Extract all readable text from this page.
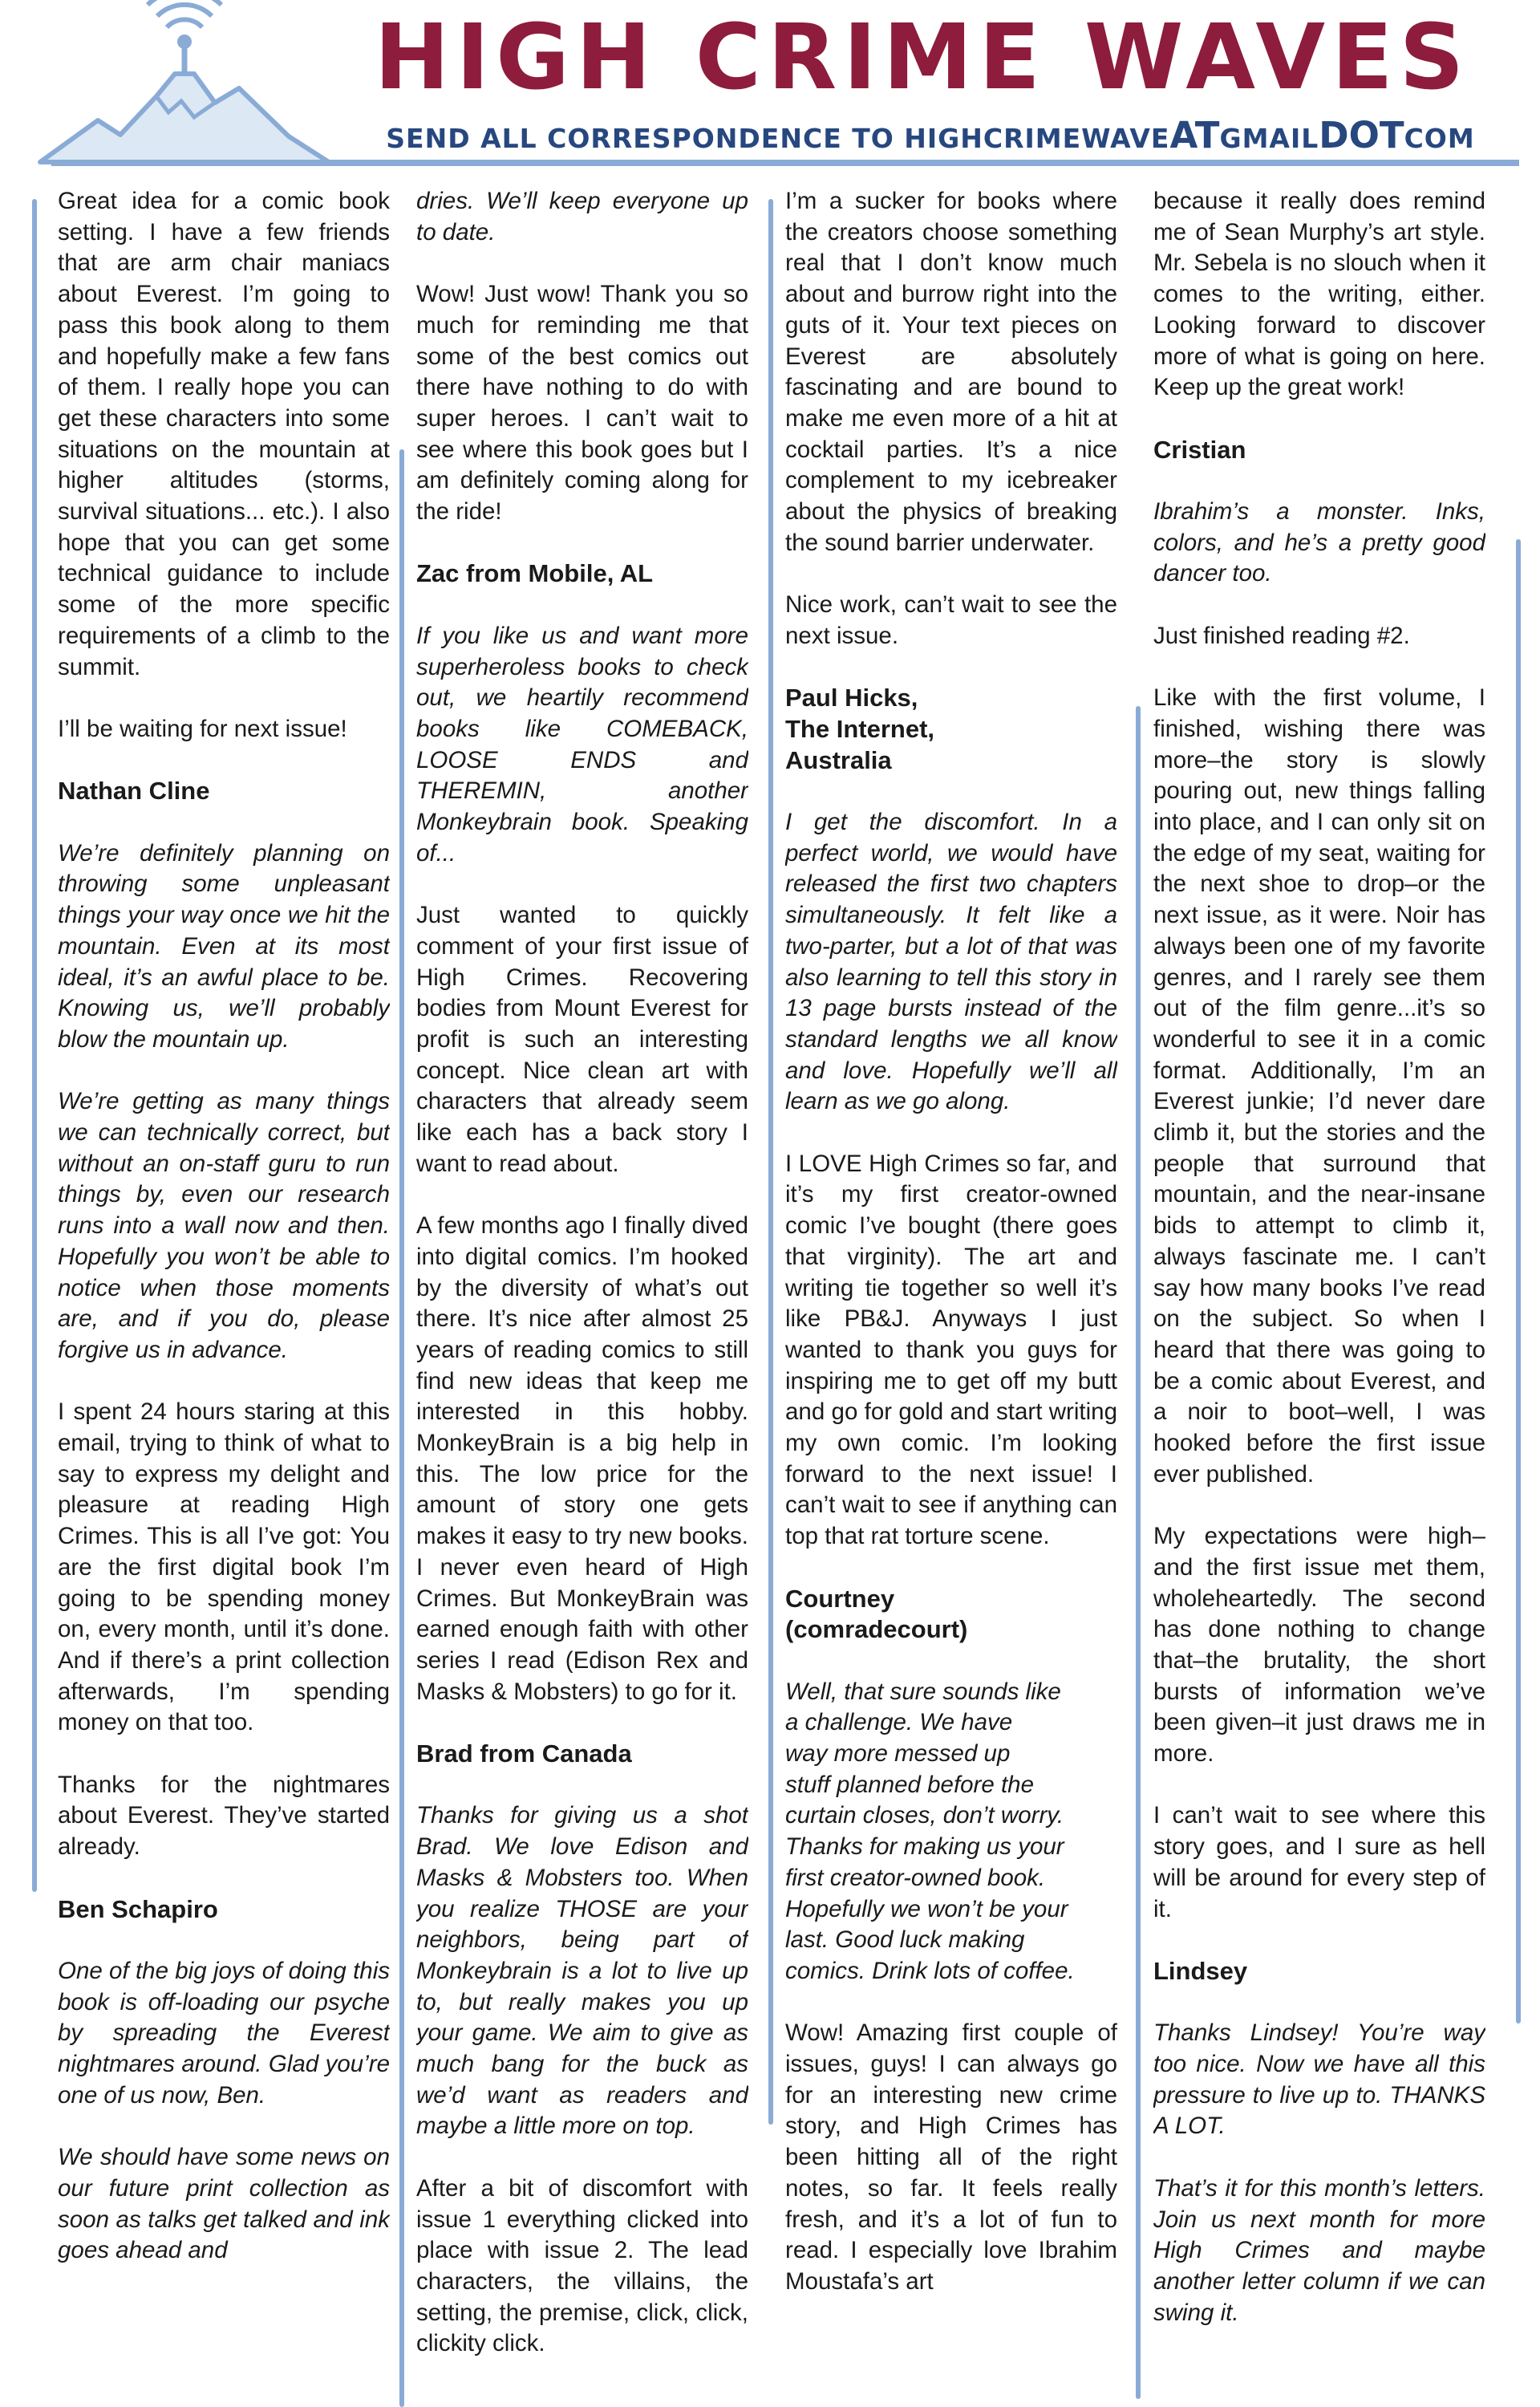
HIGH CRIME WAVES
SEND ALL CORRESPONDENCE TO HIGHCRIMEWAVEATGMAILDOTCOM

Great idea for a comic book setting. I have a few friends that are arm chair maniacs about Everest. I’m going to pass this book along to them and hopefully make a few fans of them. I really hope you can get these characters into some situations on the mountain at higher altitudes (storms, survival situations... etc.). I also hope that you can get some technical guidance to include some of the more specific requirements of a climb to the summit.

I’ll be waiting for next issue!

Nathan Cline

We’re definitely planning on throwing some unpleasant things your way once we hit the mountain. Even at its most ideal, it’s an awful place to be. Knowing us, we’ll probably blow the mountain up.

We’re getting as many things we can technically correct, but without an on-staff guru to run things by, even our research runs into a wall now and then. Hopefully you won’t be able to notice when those moments are, and if you do, please forgive us in advance.

I spent 24 hours staring at this email, trying to think of what to say to express my delight and pleasure at reading High Crimes. This is all I’ve got: You are the first digital book I’m going to be spending money on, every month, until it’s done. And if there’s a print collection afterwards, I’m spending money on that too.

Thanks for the nightmares about Everest. They’ve started already.

Ben Schapiro

One of the big joys of doing this book is off-loading our psyche by spreading the Everest nightmares around. Glad you’re one of us now, Ben.

We should have some news on our future print collection as soon as talks get talked and ink goes ahead and

dries. We’ll keep everyone up to date.

Wow! Just wow! Thank you so much for reminding me that some of the best comics out there have nothing to do with super heroes. I can’t wait to see where this book goes but I am definitely coming along for the ride!

Zac from Mobile, AL

If you like us and want more superheroless books to check out, we heartily recommend books like COMEBACK, LOOSE ENDS and THEREMIN, another Monkeybrain book. Speaking of...

Just wanted to quickly comment of your first issue of High Crimes. Recovering bodies from Mount Everest for profit is such an interesting concept. Nice clean art with characters that already seem like each has a back story I want to read about.

A few months ago I finally dived into digital comics. I’m hooked by the diversity of what’s out there. It’s nice after almost 25 years of reading comics to still find new ideas that keep me interested in this hobby. MonkeyBrain is a big help in this. The low price for the amount of story one gets makes it easy to try new books. I never even heard of High Crimes. But MonkeyBrain was earned enough faith with other series I read (Edison Rex and Masks & Mobsters) to go for it.

Brad from Canada

Thanks for giving us a shot Brad. We love Edison and Masks & Mobsters too. When you realize THOSE are your neighbors, being part of Monkeybrain is a lot to live up to, but really makes you up your game. We aim to give as much bang for the buck as we’d want as readers and maybe a little more on top.

After a bit of discomfort with issue 1 everything clicked into place with issue 2. The lead characters, the villains, the setting, the premise, click, click, clickity click.

I’m a sucker for books where the creators choose something real that I don’t know much about and burrow right into the guts of it. Your text pieces on Everest are absolutely fascinating and are bound to make me even more of a hit at cocktail parties. It’s a nice complement to my icebreaker about the physics of breaking the sound barrier underwater.

Nice work, can’t wait to see the next issue.

Paul Hicks,
The Internet,
Australia

I get the discomfort. In a perfect world, we would have released the first two chapters simultaneously. It felt like a two-parter, but a lot of that was also learning to tell this story in 13 page bursts instead of the standard lengths we all know and love. Hopefully we’ll all learn as we go along.

I LOVE High Crimes so far, and it’s my first creator-owned comic I’ve bought (there goes that virginity). The art and writing tie together so well it’s like PB&J. Anyways I just wanted to thank you guys for inspiring me to get off my butt and go for gold and start writing my own comic. I’m looking forward to the next issue! I can’t wait to see if anything can top that rat torture scene.

Courtney
(comradecourt)

Well, that sure sounds like
a challenge. We have
way more messed up
stuff planned before the
curtain closes, don’t worry.
Thanks for making us your
first creator-owned book.
Hopefully we won’t be your
last. Good luck making
comics. Drink lots of coffee.

Wow! Amazing first couple of issues, guys! I can always go for an interesting new crime story, and High Crimes has been hitting all of the right notes, so far. It feels really fresh, and it’s a lot of fun to read. I especially love Ibrahim Moustafa’s art

because it really does remind me of Sean Murphy’s art style. Mr. Sebela is no slouch when it comes to the writing, either. Looking forward to discover more of what is going on here. Keep up the great work!

Cristian

Ibrahim’s a monster. Inks, colors, and he’s a pretty good dancer too.

Just finished reading #2.

Like with the first volume, I finished, wishing there was more–the story is slowly pouring out, new things falling into place, and I can only sit on the edge of my seat, waiting for the next shoe to drop–or the next issue, as it were. Noir has always been one of my favorite genres, and I rarely see them out of the film genre...it’s so wonderful to see it in a comic format. Additionally, I’m an Everest junkie; I’d never dare climb it, but the stories and the people that surround that mountain, and the near-insane bids to attempt to climb it, always fascinate me. I can’t say how many books I’ve read on the subject. So when I heard that there was going to be a comic about Everest, and a noir to boot–well, I was hooked before the first issue ever published.

My expectations were high–and the first issue met them, wholeheartedly. The second has done nothing to change that–the brutality, the short bursts of information we’ve been given–it just draws me in more.

I can’t wait to see where this story goes, and I sure as hell will be around for every step of it.

Lindsey

Thanks Lindsey! You’re way too nice. Now we have all this pressure to live up to. THANKS A LOT.

That’s it for this month’s letters. Join us next month for more High Crimes and maybe another letter column if we can swing it.
